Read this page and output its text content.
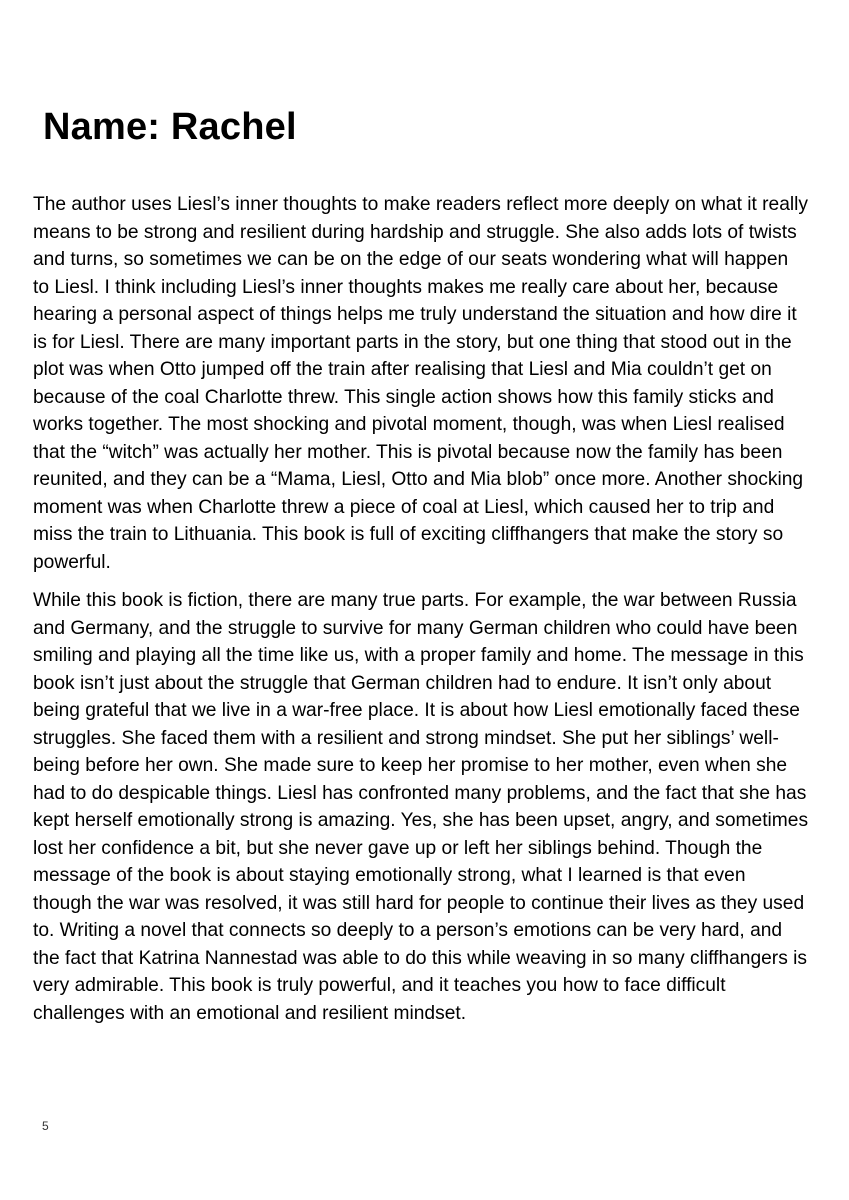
Name: Rachel

The author uses Liesl’s inner thoughts to make readers reflect more deeply on what it really means to be strong and resilient during hardship and struggle. She also adds lots of twists and turns, so sometimes we can be on the edge of our seats wondering what will happen to Liesl. I think including Liesl’s inner thoughts makes me really care about her, because hearing a personal aspect of things helps me truly understand the situation and how dire it is for Liesl. There are many important parts in the story, but one thing that stood out in the plot was when Otto jumped off the train after realising that Liesl and Mia couldn’t get on because of the coal Charlotte threw. This single action shows how this family sticks and works together. The most shocking and pivotal moment, though, was when Liesl realised that the “witch” was actually her mother. This is pivotal because now the family has been reunited, and they can be a “Mama, Liesl, Otto and Mia blob” once more. Another shocking moment was when Charlotte threw a piece of coal at Liesl, which caused her to trip and miss the train to Lithuania. This book is full of exciting cliffhangers that make the story so powerful.

While this book is fiction, there are many true parts. For example, the war between Russia and Germany, and the struggle to survive for many German children who could have been smiling and playing all the time like us, with a proper family and home. The message in this book isn’t just about the struggle that German children had to endure. It isn’t only about being grateful that we live in a war-free place. It is about how Liesl emotionally faced these struggles. She faced them with a resilient and strong mindset. She put her siblings’ well-being before her own. She made sure to keep her promise to her mother, even when she had to do despicable things. Liesl has confronted many problems, and the fact that she has kept herself emotionally strong is amazing. Yes, she has been upset, angry, and sometimes lost her confidence a bit, but she never gave up or left her siblings behind. Though the message of the book is about staying emotionally strong, what I learned is that even though the war was resolved, it was still hard for people to continue their lives as they used to. Writing a novel that connects so deeply to a person’s emotions can be very hard, and the fact that Katrina Nannestad was able to do this while weaving in so many cliffhangers is very admirable. This book is truly powerful, and it teaches you how to face difficult challenges with an emotional and resilient mindset.

5
